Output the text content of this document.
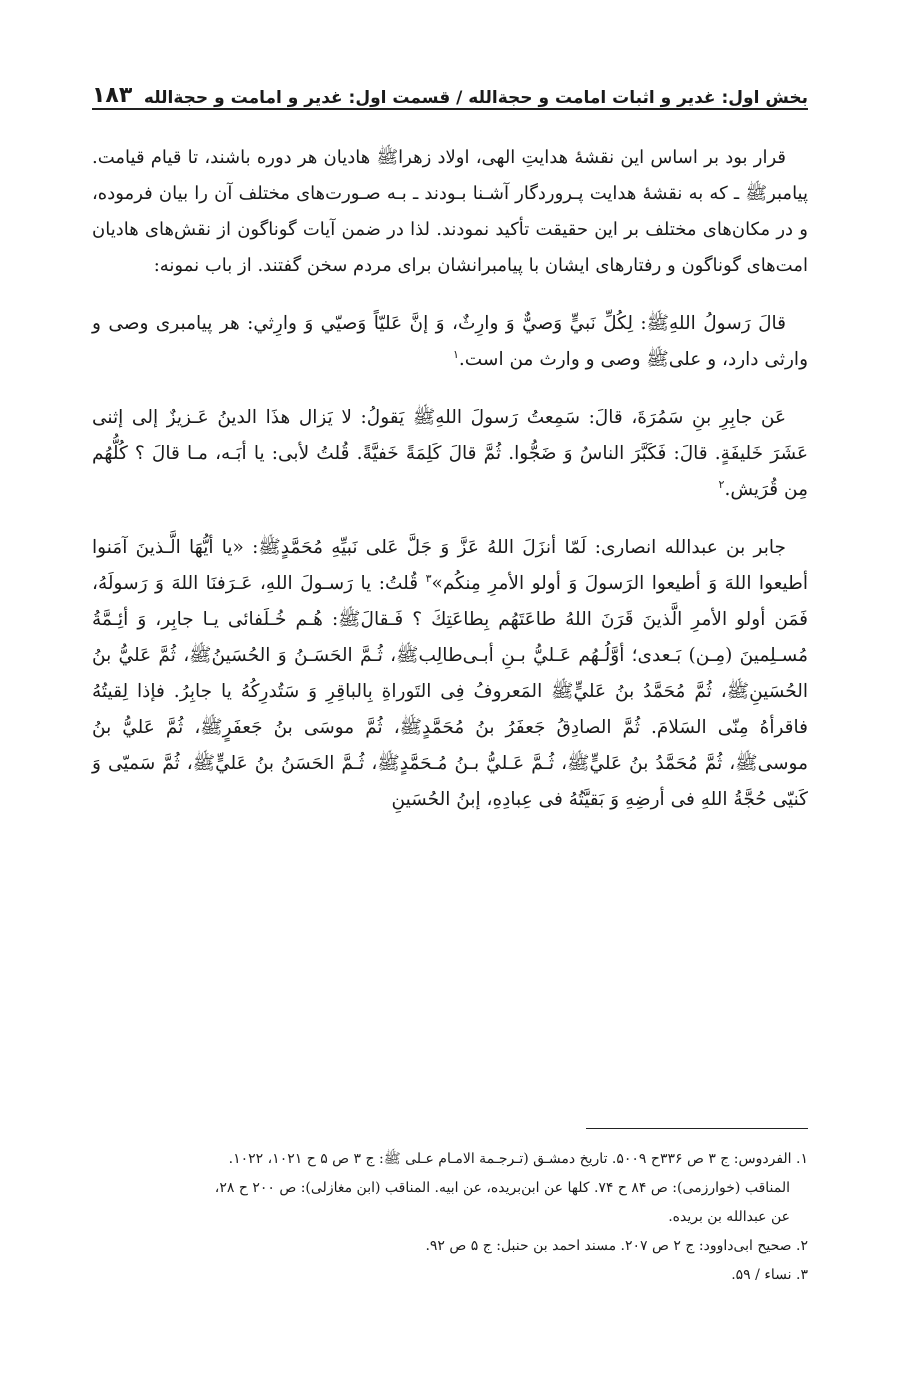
بخش اول: غدیر و اثبات امامت و حجةالله / قسمت اول: غدیر و امامت و حجةالله
۱۸۳

قرار بود بر اساس این نقشهٔ هدایتِ الهی، اولاد زهراﷺ هادیان هر دوره باشند، تا قیام قیامت. پیامبرﷺ ـ که به نقشهٔ هدایت پـروردگار آشـنا بـودند ـ بـه صـورت‌های مختلف آن را بیان فرموده، و در مکان‌های مختلف بر این حقیقت تأکید نمودند. لذا در ضمن آیات گوناگون از نقش‌های هادیان امت‌های گوناگون و رفتارهای ایشان با پیامبرانشان برای مردم سخن گفتند. از باب نمونه:

قالَ رَسولُ اللهِﷺ: لِكُلِّ نَبيٍّ وَصيٌّ وَ وارِثٌ، وَ إنَّ عَليّاً وَصيّي وَ وارِثي: هر پیامبری وصی و وارثی دارد، و علیﷺ وصی و وارث من است.$^۱$

عَن جابِرِ بنِ سَمُرَةَ، قالَ: سَمِعتُ رَسولَ اللهِﷺ يَقولُ: لا يَزال هذَا الدينُ عَـزيزٌ إلی إثنى عَشَرَ خَليفَةٍ. قالَ: فَكَبَّرَ الناسُ وَ ضَجُّوا. ثُمَّ قالَ كَلِمَةً خَفيَّةً. قُلتُ لأبی: يا أبَـه، مـا قالَ ؟ كُلُّهُم مِن قُرَيش.$^۲$

جابر بن عبدالله انصاری: لَمّا أنزَلَ اللهُ عَزَّ وَ جَلَّ عَلى نَبيِّهِ مُحَمَّدٍﷺ: «يا أيُّهَا الَّـذينَ آمَنوا أطيعوا اللهَ وَ أطيعوا الرَسولَ وَ أولو الأمرِ مِنكُم»$^۳$ قُلتُ: يا رَسـولَ اللهِ، عَـرَفنَا اللهَ وَ رَسولَهُ، فَمَن أولو الأمرِ الَّذينَ قَرَنَ اللهُ طاعَتَهُم بِطاعَتِكَ ؟ فَـقالَﷺ: هُـم خُـلَفائی يـا جابِر، وَ أئِـمَّةُ مُسـلِمينَ (مِـن) بَـعدی؛ أوَّلُـهُم عَـليُّ بـنِ أبـی‌طالِبﷺ، ثُـمَّ الحَسَـنُ وَ الحُسَينُﷺ، ثُمَّ عَليُّ بنُ الحُسَينِﷺ، ثُمَّ مُحَمَّدُ بنُ عَليٍّﷺ المَعروفُ فِى التَوراةِ بِالباقِرِ وَ سَتُدرِكُهُ يا جابِرُ. فإذا لِقيتُهُ فاقرأهُ مِنّی السَلامَ. ثُمَّ الصادِقُ جَعفَرُ بنُ مُحَمَّدٍﷺ، ثُمَّ موسَى بنُ جَعفَرٍﷺ، ثُمَّ عَليُّ بنُ موسىﷺ، ثُمَّ مُحَمَّدُ بنُ عَليٍّﷺ، ثُـمَّ عَـليُّ بـنُ مُـحَمَّدٍﷺ، ثُـمَّ الحَسَنُ بنُ عَليٍّﷺ، ثُمَّ سَميّی وَ كَنيّی حُجَّةُ اللهِ فی أرضِهِ وَ بَقيَّتُهُ فی عِبادِهِ، إبنُ الحُسَينِ

۱. الفردوس: ج ۳ ص ۳۳۶ح ۵۰۰۹. تاریخ دمشـق (تـرجـمة الامـام عـلی ﷺ: ج ۳ ص ۵ ح ۱۰۲۱، ۱۰۲۲.
المناقب (خوارزمی): ص ۸۴ ح ۷۴. کلها عن ابن‌بریده، عن ابیه. المناقب (ابن مغازلی): ص ۲۰۰ ح ۲۸،
عن عبدالله بن بریده.

۲. صحیح ابی‌داوود: ج ۲ ص ۲۰۷. مسند احمد بن حنبل: ج ۵ ص ۹۲.

۳. نساء / ۵۹.
